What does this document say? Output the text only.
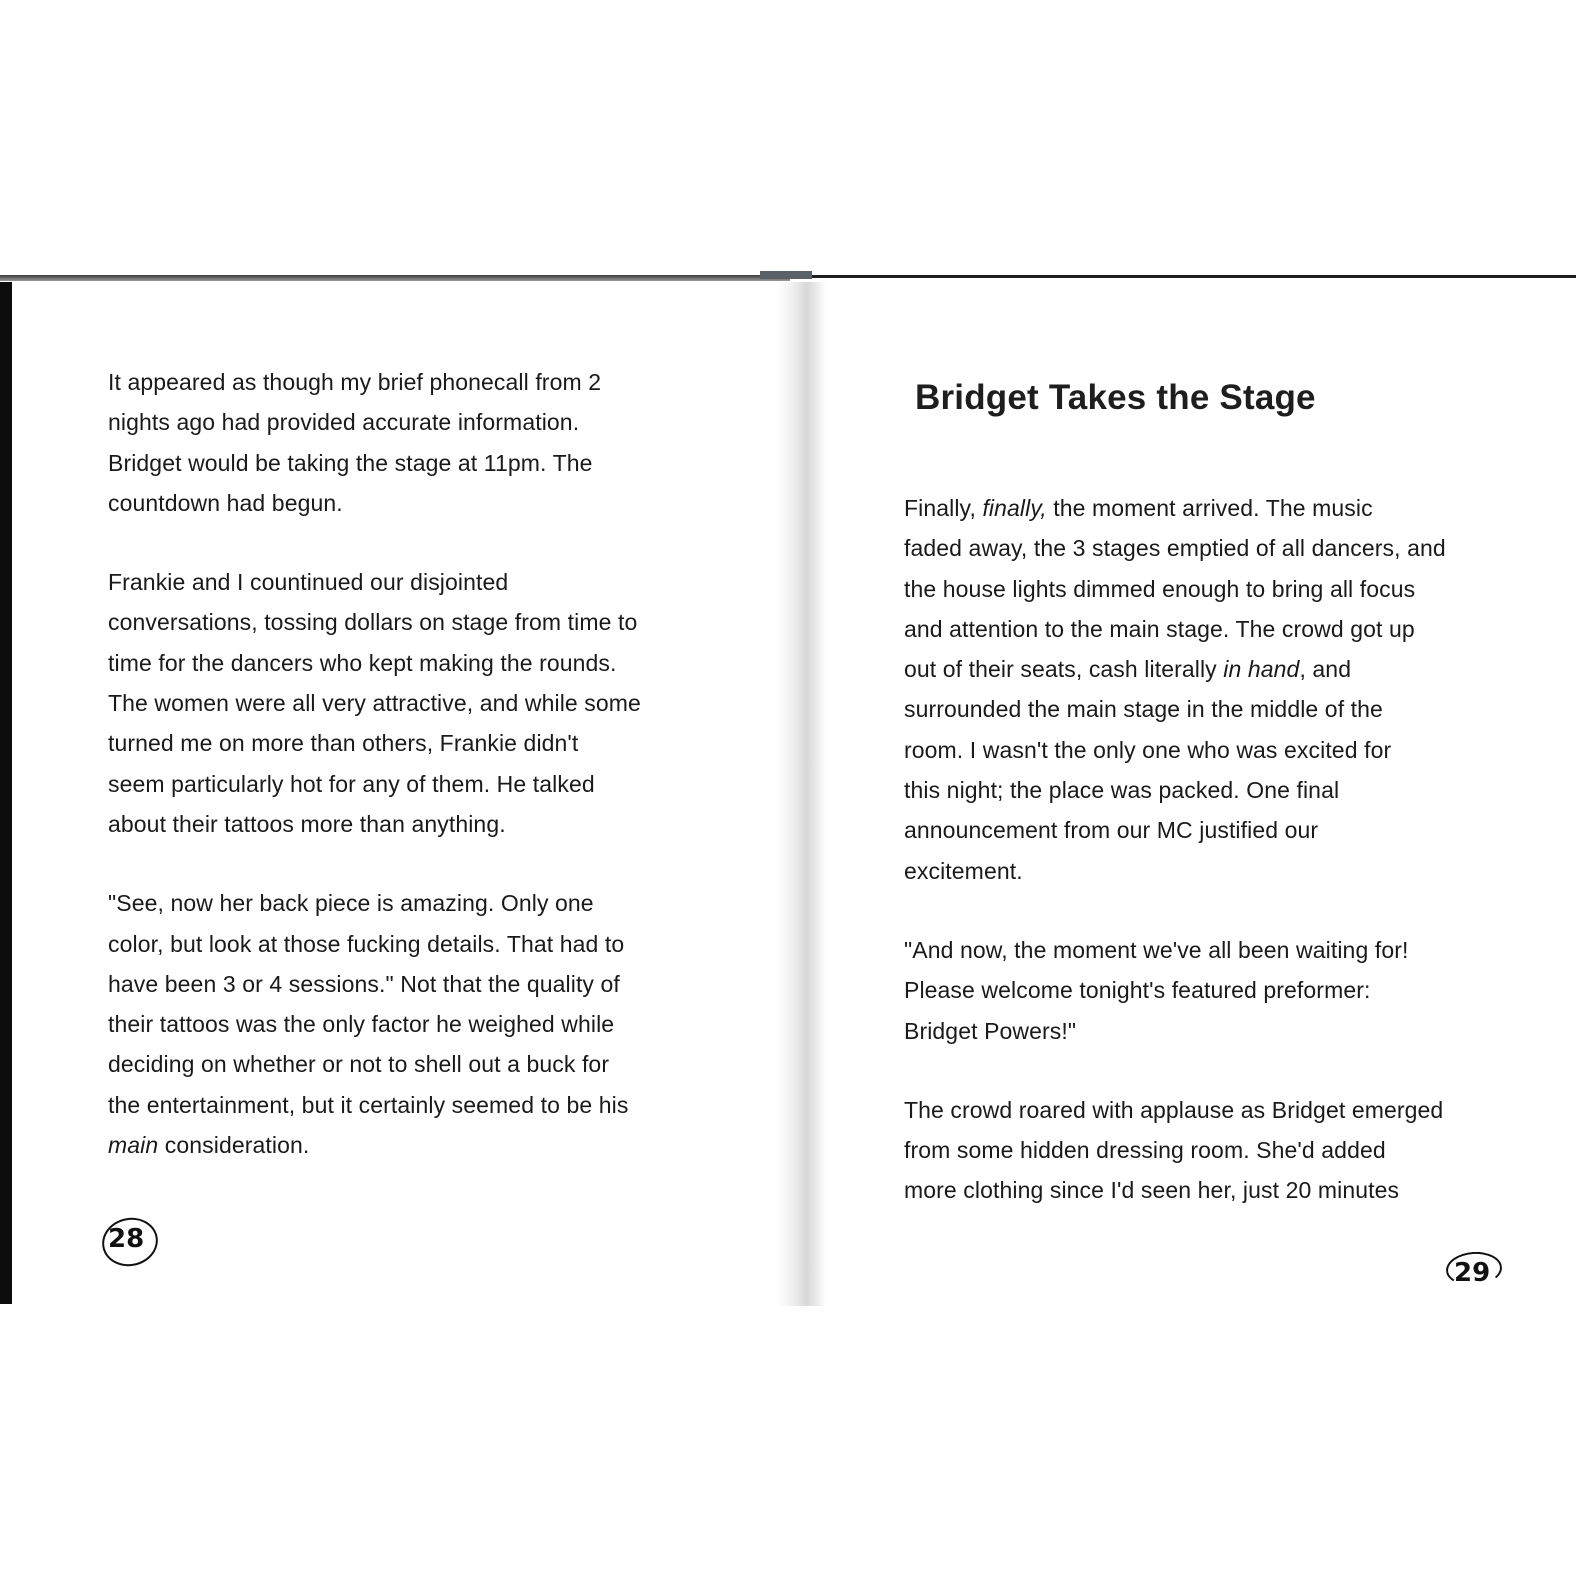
It appeared as though my brief phonecall from 2
nights ago had provided accurate information.
Bridget would be taking the stage at 11pm. The
countdown had begun.

Frankie and I countinued our disjointed
conversations, tossing dollars on stage from time to
time for the dancers who kept making the rounds.
The women were all very attractive, and while some
turned me on more than others, Frankie didn't
seem particularly hot for any of them. He talked
about their tattoos more than anything.

"See, now her back piece is amazing. Only one
color, but look at those fucking details. That had to
have been 3 or 4 sessions." Not that the quality of
their tattoos was the only factor he weighed while
deciding on whether or not to shell out a buck for
the entertainment, but it certainly seemed to be his
main consideration.

28
Bridget Takes the Stage

Finally, finally, the moment arrived. The music
faded away, the 3 stages emptied of all dancers, and
the house lights dimmed enough to bring all focus
and attention to the main stage. The crowd got up
out of their seats, cash literally in hand, and
surrounded the main stage in the middle of the
room. I wasn't the only one who was excited for
this night; the place was packed. One final
announcement from our MC justified our
excitement.

"And now, the moment we've all been waiting for!
Please welcome tonight's featured preformer:
Bridget Powers!"

The crowd roared with applause as Bridget emerged
from some hidden dressing room. She'd added
more clothing since I'd seen her, just 20 minutes

29
